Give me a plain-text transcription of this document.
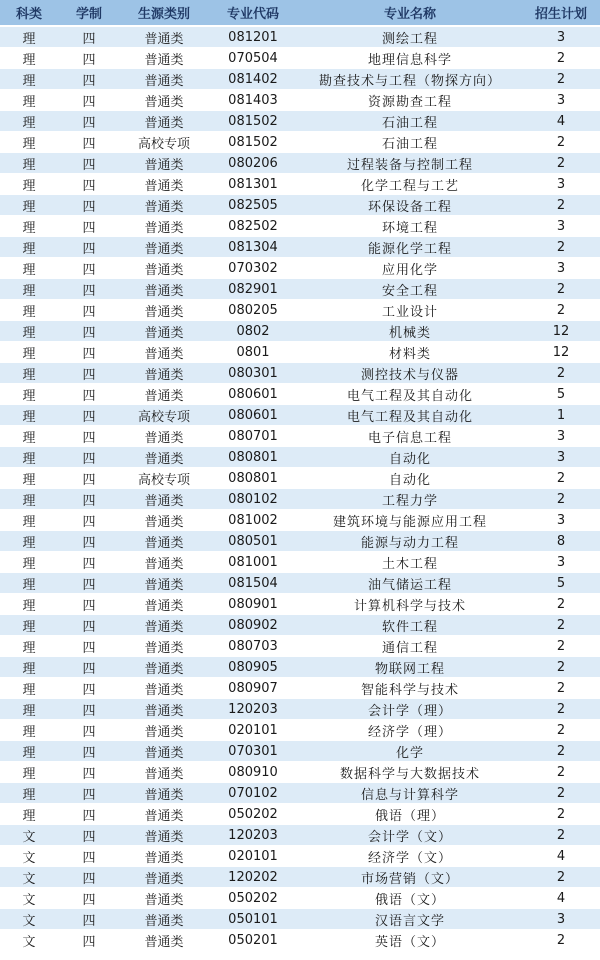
科类	学制	生源类别	专业代码	专业名称	招生计划
理	四	普通类	081201	测绘工程	3
理	四	普通类	070504	地理信息科学	2
理	四	普通类	081402	勘查技术与工程（物探方向）	2
理	四	普通类	081403	资源勘查工程	3
理	四	普通类	081502	石油工程	4
理	四	高校专项	081502	石油工程	2
理	四	普通类	080206	过程装备与控制工程	2
理	四	普通类	081301	化学工程与工艺	3
理	四	普通类	082505	环保设备工程	2
理	四	普通类	082502	环境工程	3
理	四	普通类	081304	能源化学工程	2
理	四	普通类	070302	应用化学	3
理	四	普通类	082901	安全工程	2
理	四	普通类	080205	工业设计	2
理	四	普通类	0802	机械类	12
理	四	普通类	0801	材料类	12
理	四	普通类	080301	测控技术与仪器	2
理	四	普通类	080601	电气工程及其自动化	5
理	四	高校专项	080601	电气工程及其自动化	1
理	四	普通类	080701	电子信息工程	3
理	四	普通类	080801	自动化	3
理	四	高校专项	080801	自动化	2
理	四	普通类	080102	工程力学	2
理	四	普通类	081002	建筑环境与能源应用工程	3
理	四	普通类	080501	能源与动力工程	8
理	四	普通类	081001	土木工程	3
理	四	普通类	081504	油气储运工程	5
理	四	普通类	080901	计算机科学与技术	2
理	四	普通类	080902	软件工程	2
理	四	普通类	080703	通信工程	2
理	四	普通类	080905	物联网工程	2
理	四	普通类	080907	智能科学与技术	2
理	四	普通类	120203	会计学（理）	2
理	四	普通类	020101	经济学（理）	2
理	四	普通类	070301	化学	2
理	四	普通类	080910	数据科学与大数据技术	2
理	四	普通类	070102	信息与计算科学	2
理	四	普通类	050202	俄语（理）	2
文	四	普通类	120203	会计学（文）	2
文	四	普通类	020101	经济学（文）	4
文	四	普通类	120202	市场营销（文）	2
文	四	普通类	050202	俄语（文）	4
文	四	普通类	050101	汉语言文学	3
文	四	普通类	050201	英语（文）	2
